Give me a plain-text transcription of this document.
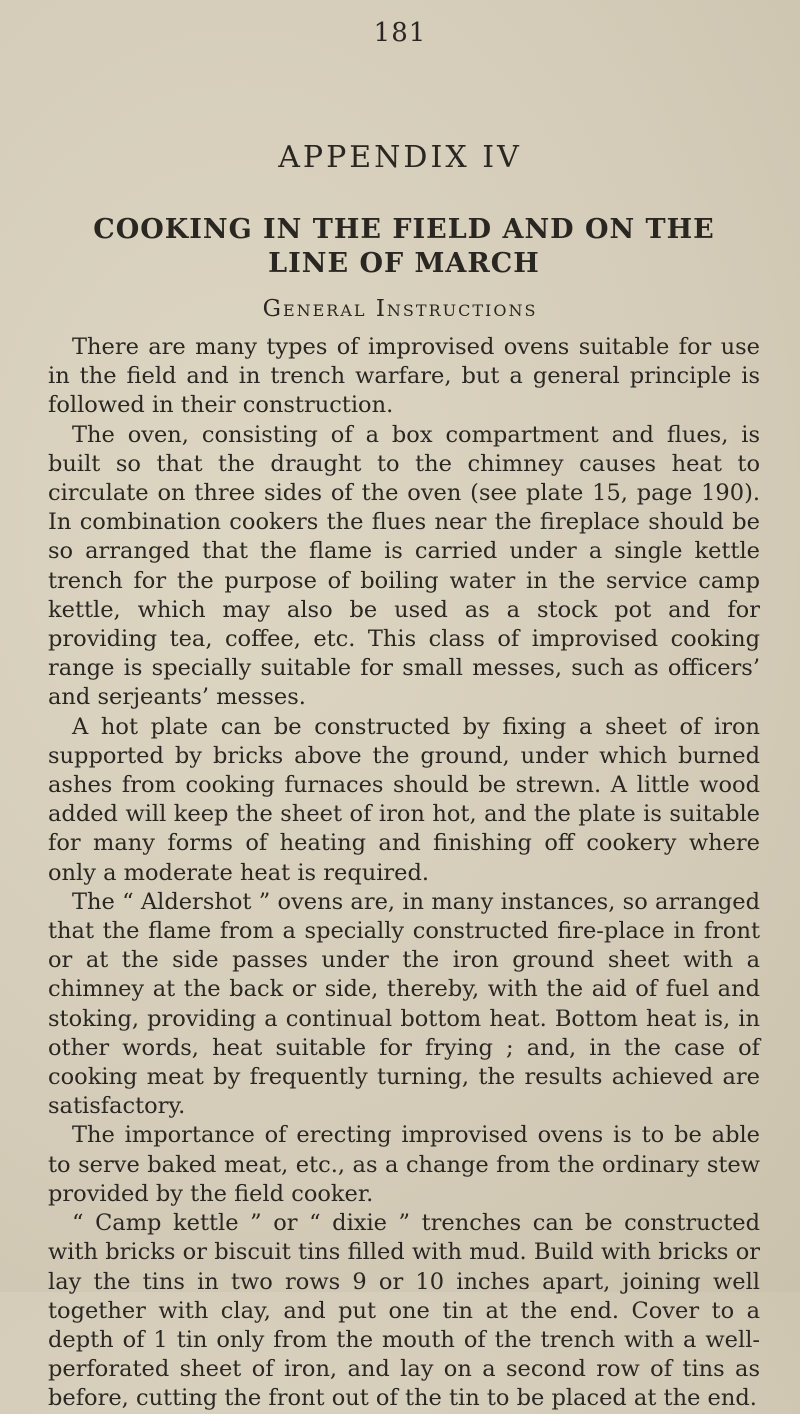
181
APPENDIX IV
COOKING IN THE FIELD AND ON THE LINE OF MARCH
General Instructions

There are many types of improvised ovens suitable for use in the field and in trench warfare, but a general principle is followed in their construction.

The oven, consisting of a box compartment and flues, is built so that the draught to the chimney causes heat to circulate on three sides of the oven (see plate 15, page 190). In combination cookers the flues near the fireplace should be so arranged that the flame is carried under a single kettle trench for the purpose of boiling water in the service camp kettle, which may also be used as a stock pot and for providing tea, coffee, etc. This class of improvised cooking range is specially suitable for small messes, such as officers’ and serjeants’ messes.

A hot plate can be constructed by fixing a sheet of iron supported by bricks above the ground, under which burned ashes from cooking furnaces should be strewn. A little wood added will keep the sheet of iron hot, and the plate is suitable for many forms of heating and finishing off cookery where only a moderate heat is required.

The “ Aldershot ” ovens are, in many instances, so arranged that the flame from a specially constructed fire-place in front or at the side passes under the iron ground sheet with a chimney at the back or side, thereby, with the aid of fuel and stoking, providing a continual bottom heat. Bottom heat is, in other words, heat suitable for frying ; and, in the case of cooking meat by frequently turning, the results achieved are satisfactory.

The importance of erecting improvised ovens is to be able to serve baked meat, etc., as a change from the ordinary stew provided by the field cooker.

“ Camp kettle ” or “ dixie ” trenches can be constructed with bricks or biscuit tins filled with mud. Build with bricks or lay the tins in two rows 9 or 10 inches apart, joining well together with clay, and put one tin at the end. Cover to a depth of 1 tin only from the mouth of the trench with a well-perforated sheet of iron, and lay on a second row of tins as before, cutting the front out of the tin to be placed at the end.
